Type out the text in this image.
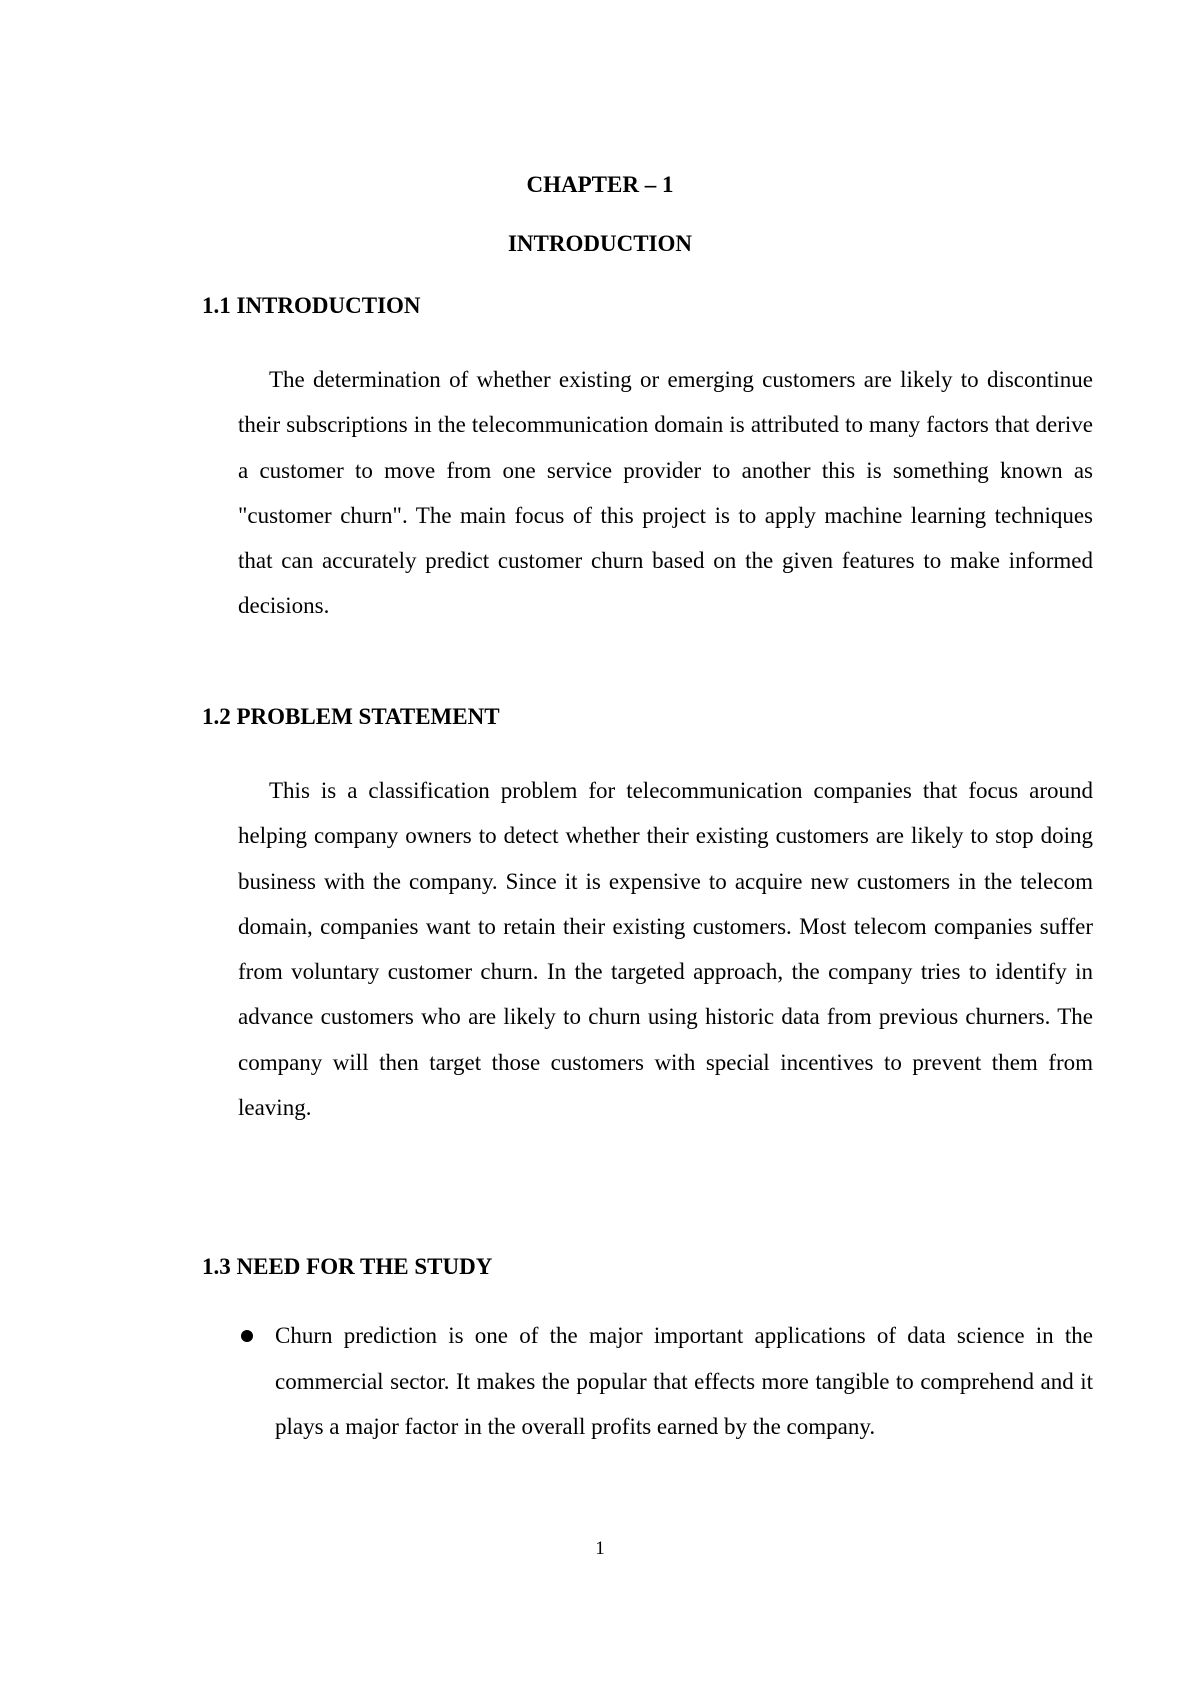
CHAPTER – 1
INTRODUCTION
1.1 INTRODUCTION

The determination of whether existing or emerging customers are likely to discontinue their subscriptions in the telecommunication domain is attributed to many factors that derive a customer to move from one service provider to another this is something known as "customer churn". The main focus of this project is to apply machine learning techniques that can accurately predict customer churn based on the given features to make informed decisions.

1.2 PROBLEM STATEMENT

This is a classification problem for telecommunication companies that focus around helping company owners to detect whether their existing customers are likely to stop doing business with the company. Since it is expensive to acquire new customers in the telecom domain, companies want to retain their existing customers. Most telecom companies suffer from voluntary customer churn. In the targeted approach, the company tries to identify in advance customers who are likely to churn using historic data from previous churners. The company will then target those customers with special incentives to prevent them from leaving.

1.3 NEED FOR THE STUDY
Churn prediction is one of the major important applications of data science in the commercial sector. It makes the popular that effects more tangible to comprehend and it plays a major factor in the overall profits earned by the company.

1
